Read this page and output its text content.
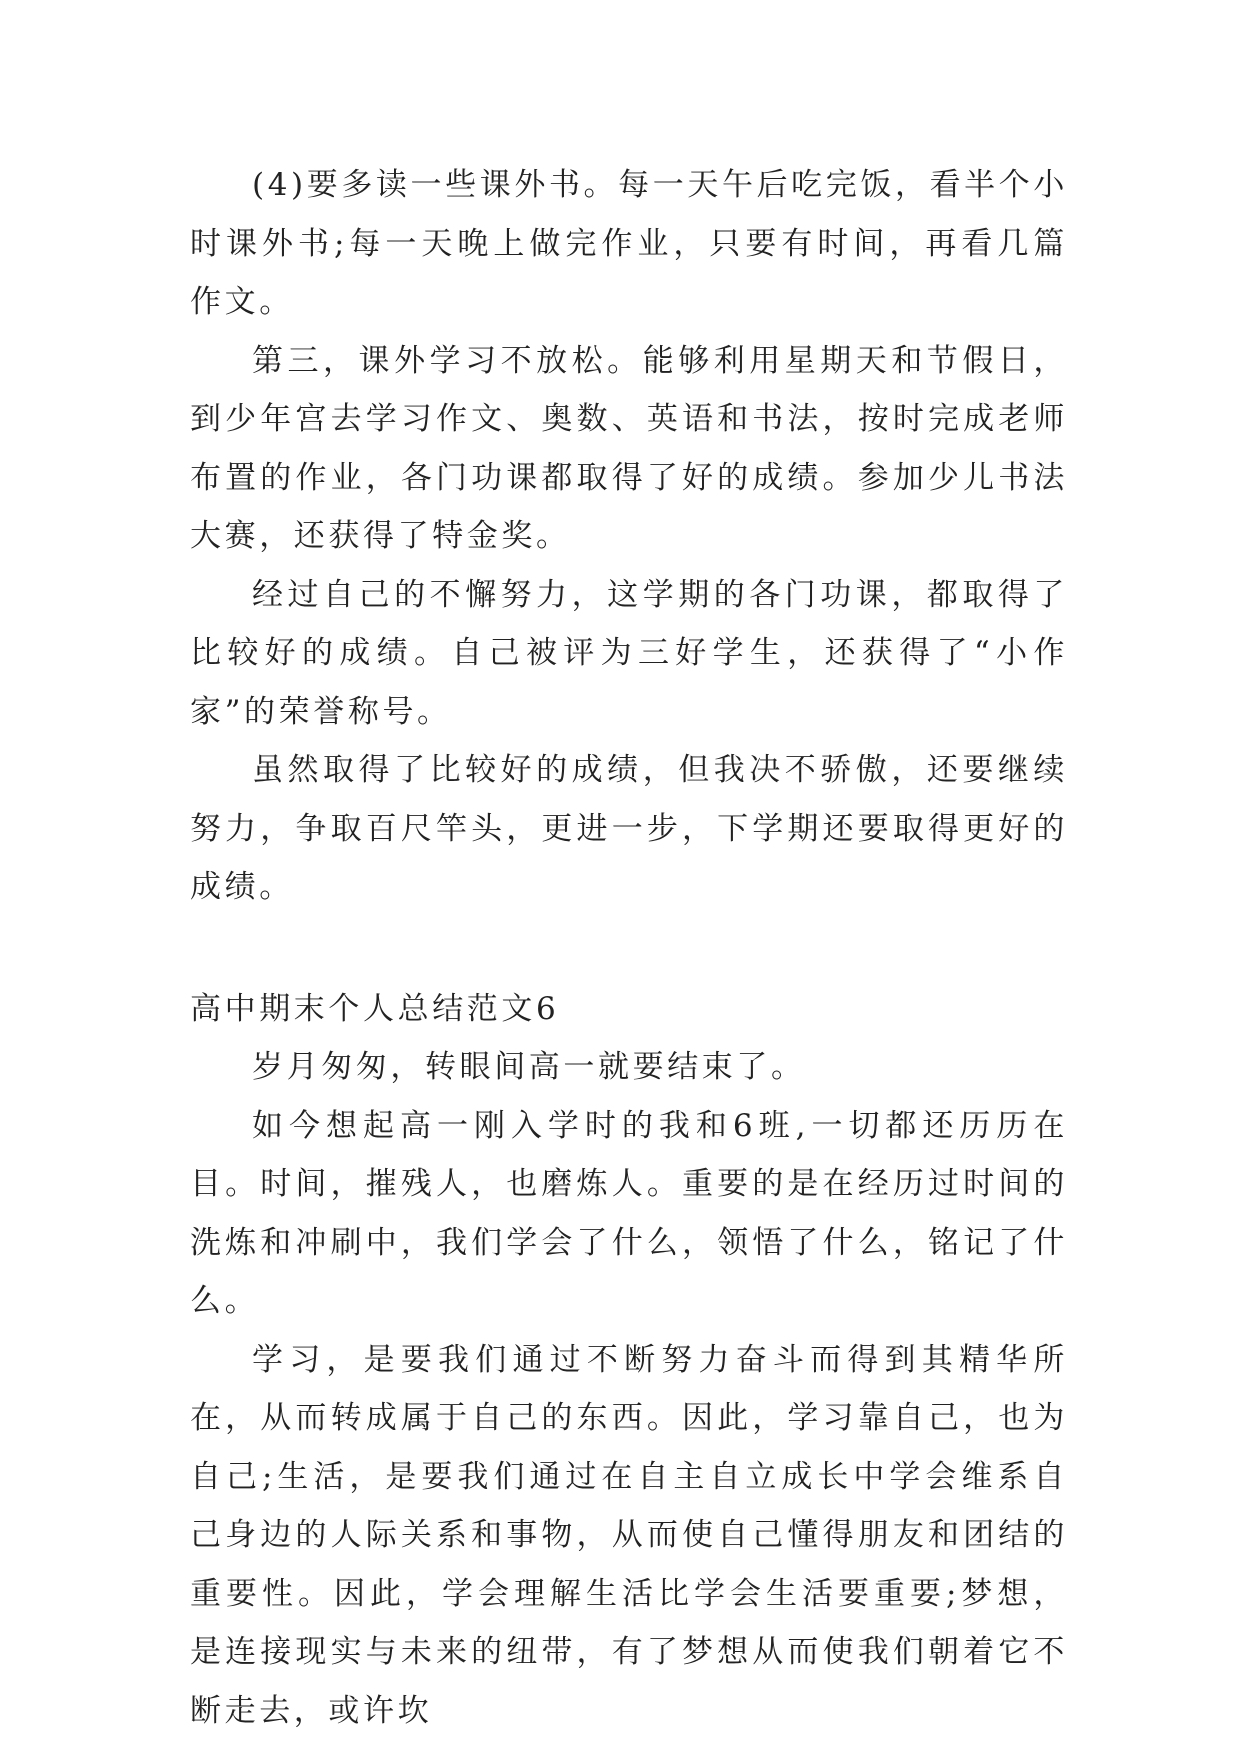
(4)要多读一些课外书。每一天午后吃完饭，看半个小时课外书;每一天晚上做完作业，只要有时间，再看几篇作文。

第三，课外学习不放松。能够利用星期天和节假日，到少年宫去学习作文、奥数、英语和书法，按时完成老师布置的作业，各门功课都取得了好的成绩。参加少儿书法大赛，还获得了特金奖。

经过自己的不懈努力，这学期的各门功课，都取得了比较好的成绩。自己被评为三好学生，还获得了“小作家”的荣誉称号。

虽然取得了比较好的成绩，但我决不骄傲，还要继续努力，争取百尺竿头，更进一步，下学期还要取得更好的成绩。

高中期末个人总结范文6

岁月匆匆，转眼间高一就要结束了。

如今想起高一刚入学时的我和6班,一切都还历历在目。时间，摧残人，也磨炼人。重要的是在经历过时间的洗炼和冲刷中，我们学会了什么，领悟了什么，铭记了什么。

学习，是要我们通过不断努力奋斗而得到其精华所在，从而转成属于自己的东西。因此，学习靠自己，也为自己;生活，是要我们通过在自主自立成长中学会维系自己身边的人际关系和事物，从而使自己懂得朋友和团结的重要性。因此，学会理解生活比学会生活要重要;梦想，是连接现实与未来的纽带，有了梦想从而使我们朝着它不断走去，或许坎
